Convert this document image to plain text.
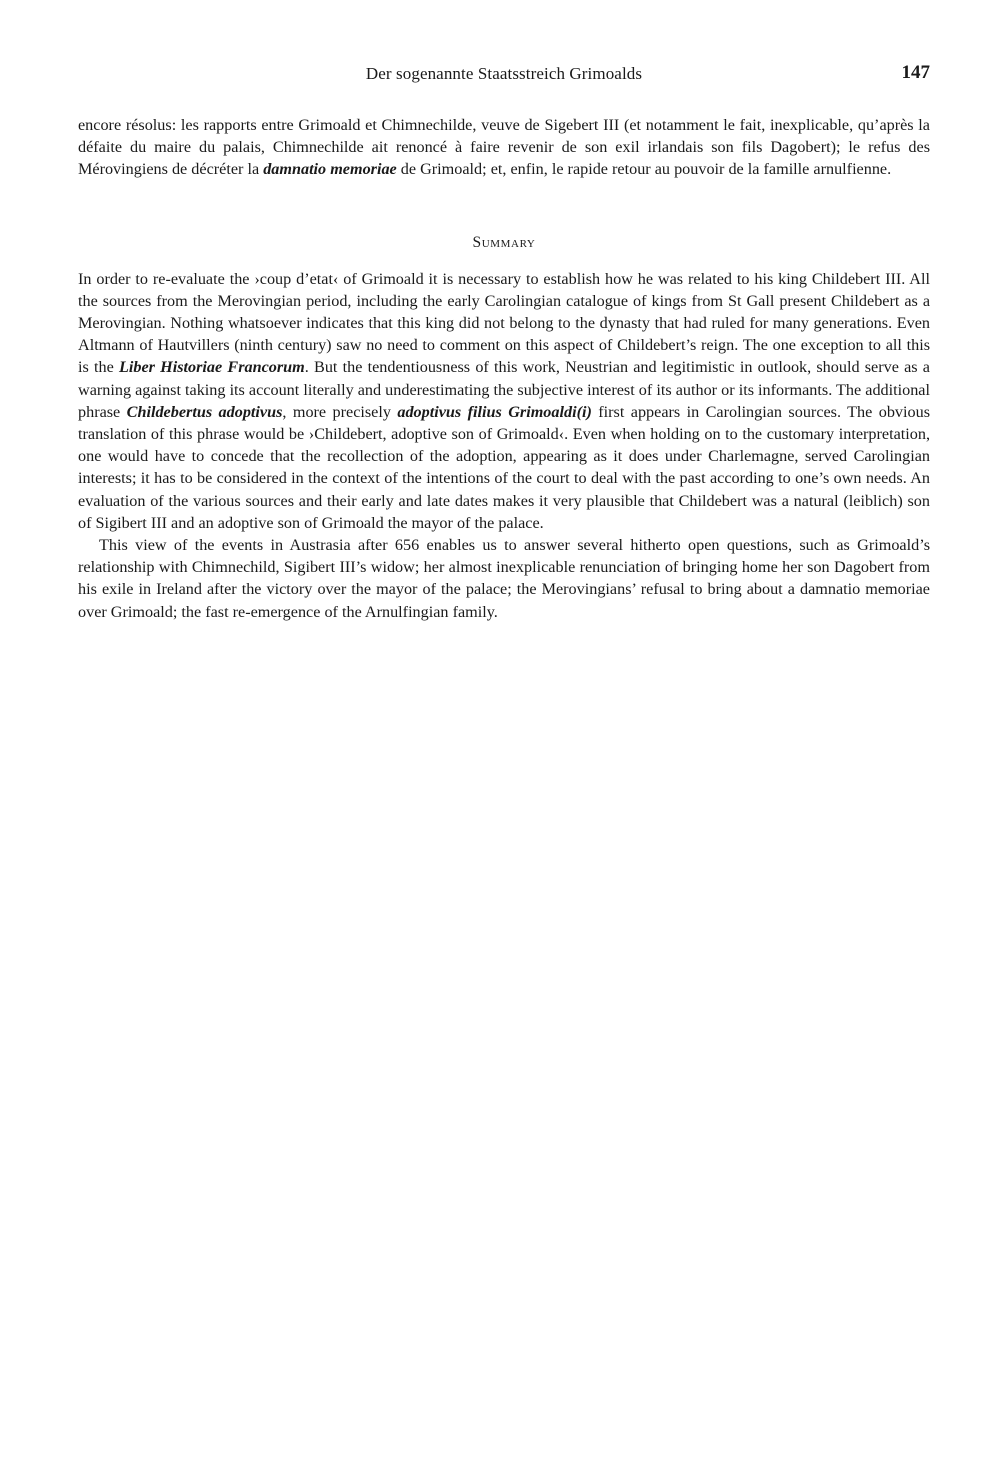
Der sogenannte Staatsstreich Grimoalds	147

encore résolus: les rapports entre Grimoald et Chimnechilde, veuve de Sigebert III (et notamment le fait, inexplicable, qu’après la défaite du maire du palais, Chimnechilde ait renoncé à faire revenir de son exil irlandais son fils Dagobert); le refus des Mérovingiens de décréter la damnatio memoriae de Grimoald; et, enfin, le rapide retour au pouvoir de la famille arnulfienne.

Summary

In order to re-evaluate the ›coup d’etat‹ of Grimoald it is necessary to establish how he was related to his king Childebert III. All the sources from the Merovingian period, including the early Carolingian catalogue of kings from St Gall present Childebert as a Merovingian. Nothing whatsoever indicates that this king did not belong to the dynasty that had ruled for many generations. Even Altmann of Hautvillers (ninth century) saw no need to comment on this aspect of Childebert’s reign. The one exception to all this is the Liber Historiae Francorum. But the tendentiousness of this work, Neustrian and legitimistic in outlook, should serve as a warning against taking its account literally and underestimating the subjective interest of its author or its informants. The additional phrase Childebertus adoptivus, more precisely adoptivus filius Grimoaldi(i) first appears in Carolingian sources. The obvious translation of this phrase would be ›Childebert, adoptive son of Grimoald‹. Even when holding on to the customary interpretation, one would have to concede that the recollection of the adoption, appearing as it does under Charlemagne, served Carolingian interests; it has to be considered in the context of the intentions of the court to deal with the past according to one’s own needs. An evaluation of the various sources and their early and late dates makes it very plausible that Childebert was a natural (leiblich) son of Sigibert III and an adoptive son of Grimoald the mayor of the palace.

This view of the events in Austrasia after 656 enables us to answer several hitherto open questions, such as Grimoald’s relationship with Chimnechild, Sigibert III’s widow; her almost inexplicable renunciation of bringing home her son Dagobert from his exile in Ireland after the victory over the mayor of the palace; the Merovingians’ refusal to bring about a damnatio memoriae over Grimoald; the fast re-emergence of the Arnulfingian family.
